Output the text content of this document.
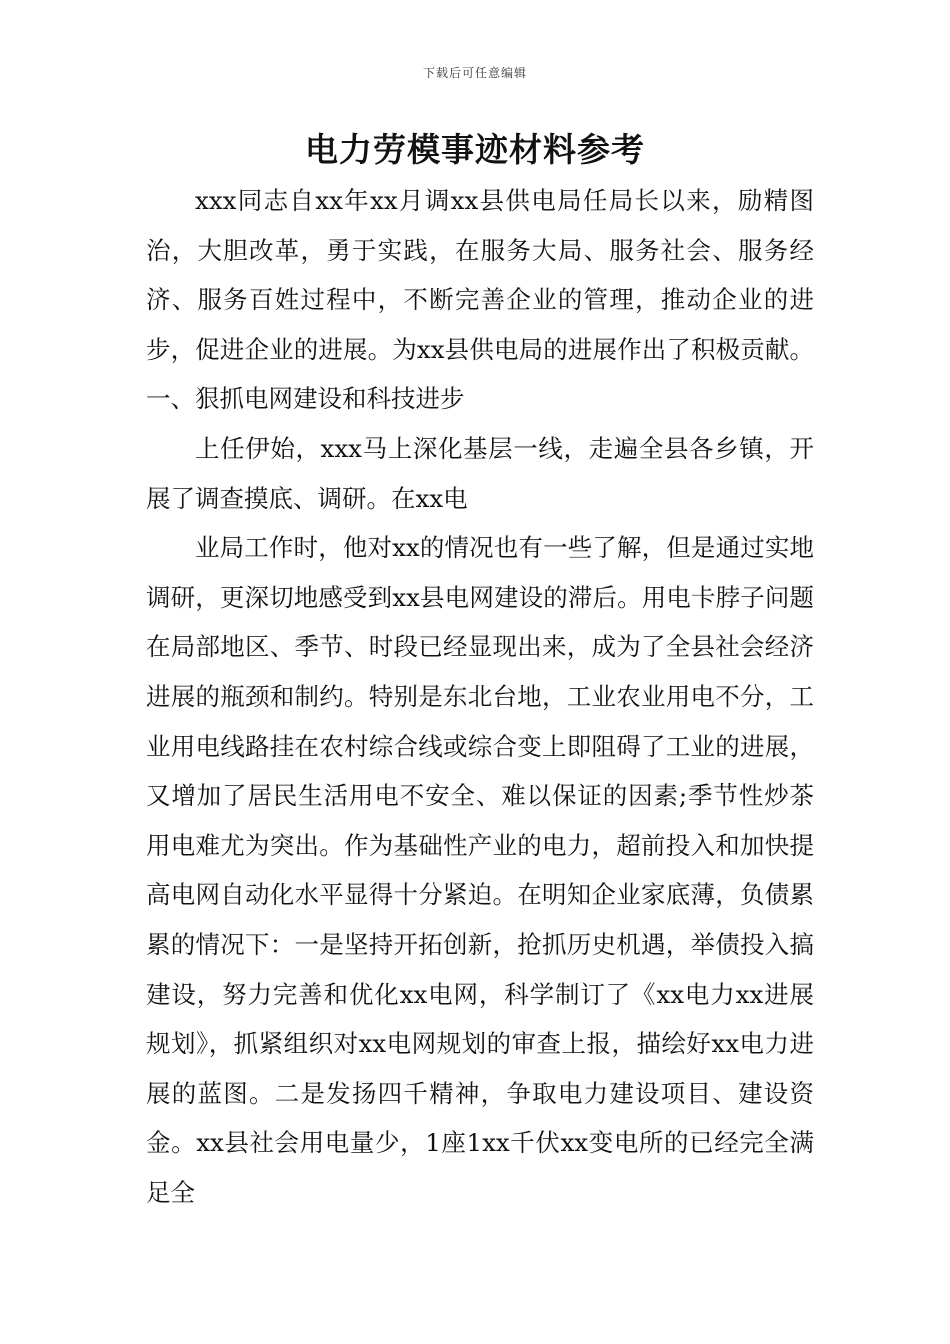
下载后可任意编辑
电力劳模事迹材料参考

xxx同志自xx年xx月调xx县供电局任局长以来，励精图治，大胆改革，勇于实践，在服务大局、服务社会、服务经济、服务百姓过程中，不断完善企业的管理，推动企业的进步，促进企业的进展。为xx县供电局的进展作出了积极贡献。一、狠抓电网建设和科技进步

上任伊始，xxx马上深化基层一线，走遍全县各乡镇，开展了调查摸底、调研。在xx电

业局工作时，他对xx的情况也有一些了解，但是通过实地调研，更深切地感受到xx县电网建设的滞后。用电卡脖子问题在局部地区、季节、时段已经显现出来，成为了全县社会经济进展的瓶颈和制约。特别是东北台地，工业农业用电不分，工业用电线路挂在农村综合线或综合变上即阻碍了工业的进展，又增加了居民生活用电不安全、难以保证的因素;季节性炒茶用电难尤为突出。作为基础性产业的电力，超前投入和加快提高电网自动化水平显得十分紧迫。在明知企业家底薄，负债累累的情况下：一是坚持开拓创新，抢抓历史机遇，举债投入搞建设，努力完善和优化xx电网，科学制订了《xx电力xx进展规划》，抓紧组织对xx电网规划的审查上报，描绘好xx电力进展的蓝图。二是发扬四千精神，争取电力建设项目、建设资金。xx县社会用电量少，1座1xx千伏xx变电所的已经完全满足全
